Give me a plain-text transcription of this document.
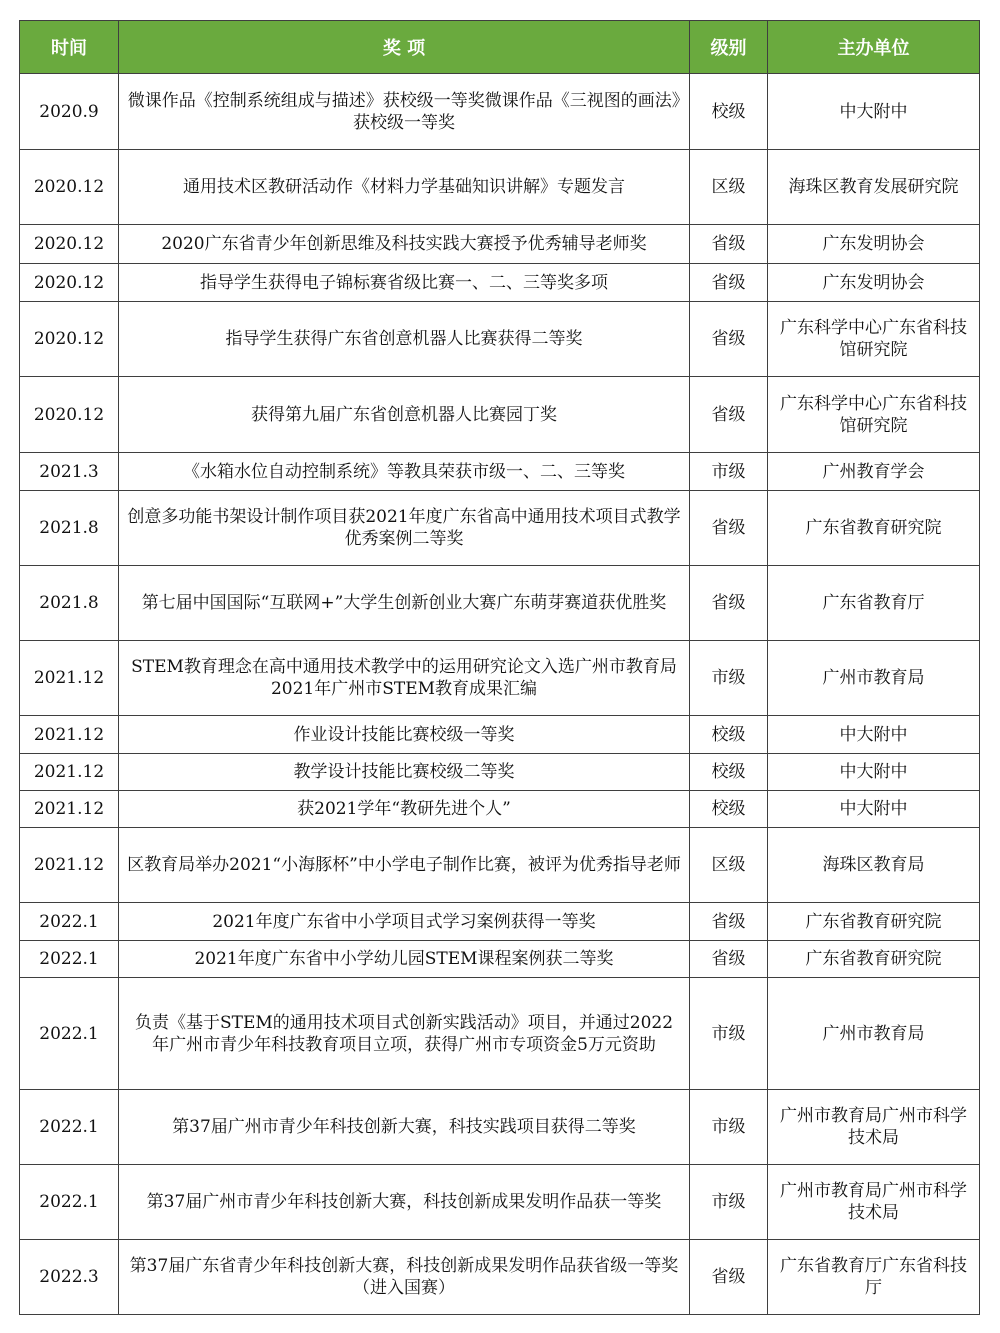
时间	奖 项	级别	主办单位
2020.9	微课作品《控制系统组成与描述》获校级一等奖微课作品《三视图的画法》获校级一等奖	校级	中大附中
2020.12	通用技术区教研活动作《材料力学基础知识讲解》专题发言	区级	海珠区教育发展研究院
2020.12	2020广东省青少年创新思维及科技实践大赛授予优秀辅导老师奖	省级	广东发明协会
2020.12	指导学生获得电子锦标赛省级比赛一、二、三等奖多项	省级	广东发明协会
2020.12	指导学生获得广东省创意机器人比赛获得二等奖	省级	广东科学中心广东省科技馆研究院
2020.12	获得第九届广东省创意机器人比赛园丁奖	省级	广东科学中心广东省科技馆研究院
2021.3	《水箱水位自动控制系统》等教具荣获市级一、二、三等奖	市级	广州教育学会
2021.8	创意多功能书架设计制作项目获2021年度广东省高中通用技术项目式教学优秀案例二等奖	省级	广东省教育研究院
2021.8	第七届中国国际“互联网+”大学生创新创业大赛广东萌芽赛道获优胜奖	省级	广东省教育厅
2021.12	STEM教育理念在高中通用技术教学中的运用研究论文入选广州市教育局2021年广州市STEM教育成果汇编	市级	广州市教育局
2021.12	作业设计技能比赛校级一等奖	校级	中大附中
2021.12	教学设计技能比赛校级二等奖	校级	中大附中
2021.12	获2021学年“教研先进个人”	校级	中大附中
2021.12	区教育局举办2021“小海豚杯”中小学电子制作比赛，被评为优秀指导老师	区级	海珠区教育局
2022.1	2021年度广东省中小学项目式学习案例获得一等奖	省级	广东省教育研究院
2022.1	2021年度广东省中小学幼儿园STEM课程案例获二等奖	省级	广东省教育研究院
2022.1	负责《基于STEM的通用技术项目式创新实践活动》项目，并通过2022年广州市青少年科技教育项目立项，获得广州市专项资金5万元资助	市级	广州市教育局
2022.1	第37届广州市青少年科技创新大赛，科技实践项目获得二等奖	市级	广州市教育局广州市科学技术局
2022.1	第37届广州市青少年科技创新大赛，科技创新成果发明作品获一等奖	市级	广州市教育局广州市科学技术局
2022.3	第37届广东省青少年科技创新大赛，科技创新成果发明作品获省级一等奖（进入国赛）	省级	广东省教育厅广东省科技厅
